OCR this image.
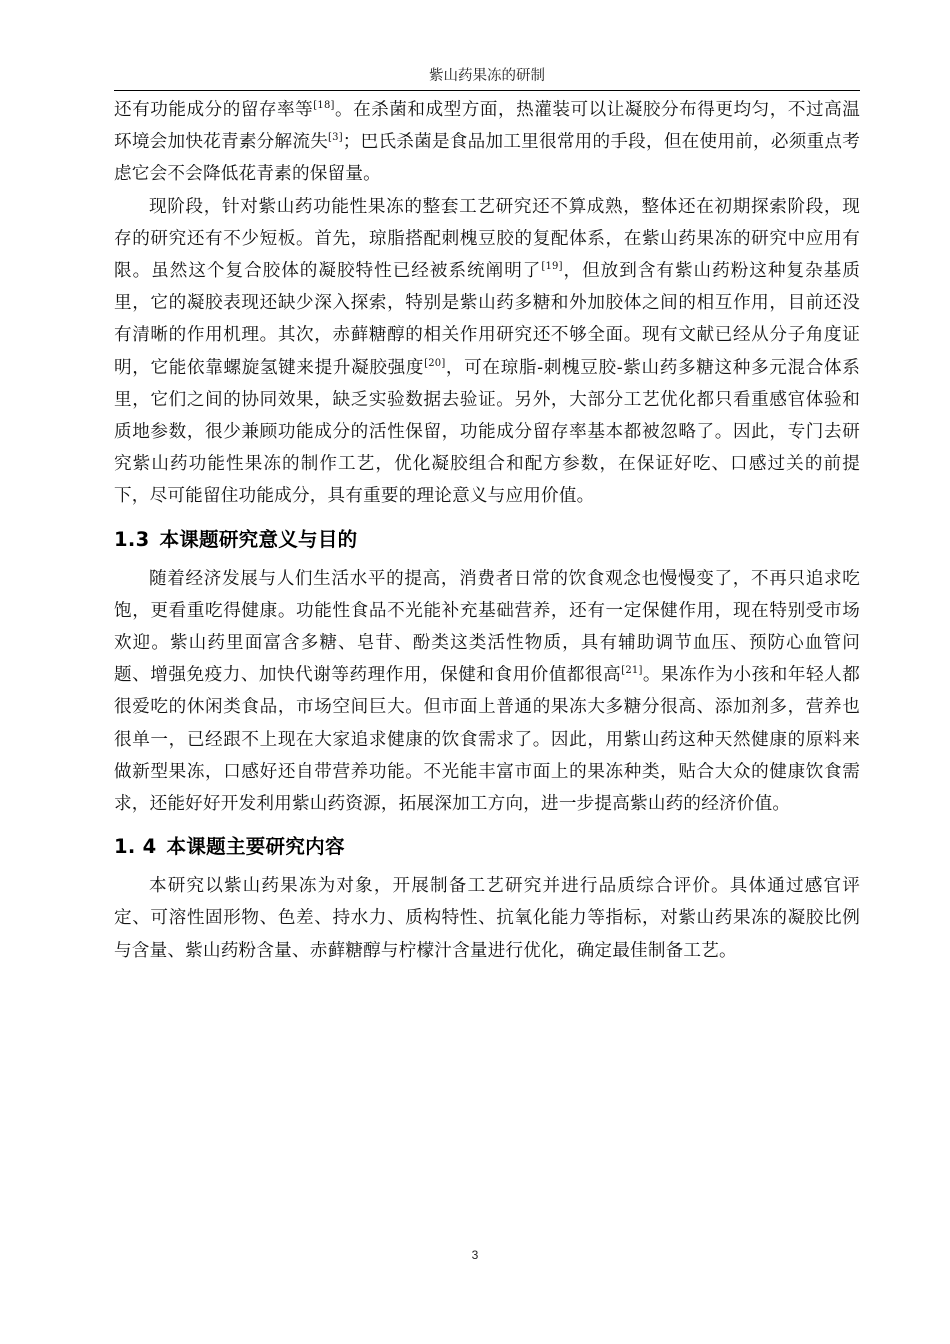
紫山药果冻的研制

还有功能成分的留存率等[18]。在杀菌和成型方面，热灌装可以让凝胶分布得更均匀，不过高温环境会加快花青素分解流失[3]；巴氏杀菌是食品加工里很常用的手段，但在使用前，必须重点考虑它会不会降低花青素的保留量。

现阶段，针对紫山药功能性果冻的整套工艺研究还不算成熟，整体还在初期探索阶段，现存的研究还有不少短板。首先，琼脂搭配刺槐豆胶的复配体系，在紫山药果冻的研究中应用有限。虽然这个复合胶体的凝胶特性已经被系统阐明了[19]，但放到含有紫山药粉这种复杂基质里，它的凝胶表现还缺少深入探索，特别是紫山药多糖和外加胶体之间的相互作用，目前还没有清晰的作用机理。其次，赤藓糖醇的相关作用研究还不够全面。现有文献已经从分子角度证明，它能依靠螺旋氢键来提升凝胶强度[20]，可在琼脂-刺槐豆胶-紫山药多糖这种多元混合体系里，它们之间的协同效果，缺乏实验数据去验证。另外，大部分工艺优化都只看重感官体验和质地参数，很少兼顾功能成分的活性保留，功能成分留存率基本都被忽略了。因此，专门去研究紫山药功能性果冻的制作工艺，优化凝胶组合和配方参数，在保证好吃、口感过关的前提下，尽可能留住功能成分，具有重要的理论意义与应用价值。

1.3 本课题研究意义与目的

随着经济发展与人们生活水平的提高，消费者日常的饮食观念也慢慢变了，不再只追求吃饱，更看重吃得健康。功能性食品不光能补充基础营养，还有一定保健作用，现在特别受市场欢迎。紫山药里面富含多糖、皂苷、酚类这类活性物质，具有辅助调节血压、预防心血管问题、增强免疫力、加快代谢等药理作用，保健和食用价值都很高[21]。果冻作为小孩和年轻人都很爱吃的休闲类食品，市场空间巨大。但市面上普通的果冻大多糖分很高、添加剂多，营养也很单一，已经跟不上现在大家追求健康的饮食需求了。因此，用紫山药这种天然健康的原料来做新型果冻，口感好还自带营养功能。不光能丰富市面上的果冻种类，贴合大众的健康饮食需求，还能好好开发利用紫山药资源，拓展深加工方向，进一步提高紫山药的经济价值。

1. 4 本课题主要研究内容

本研究以紫山药果冻为对象，开展制备工艺研究并进行品质综合评价。具体通过感官评定、可溶性固形物、色差、持水力、质构特性、抗氧化能力等指标，对紫山药果冻的凝胶比例与含量、紫山药粉含量、赤藓糖醇与柠檬汁含量进行优化，确定最佳制备工艺。

3
